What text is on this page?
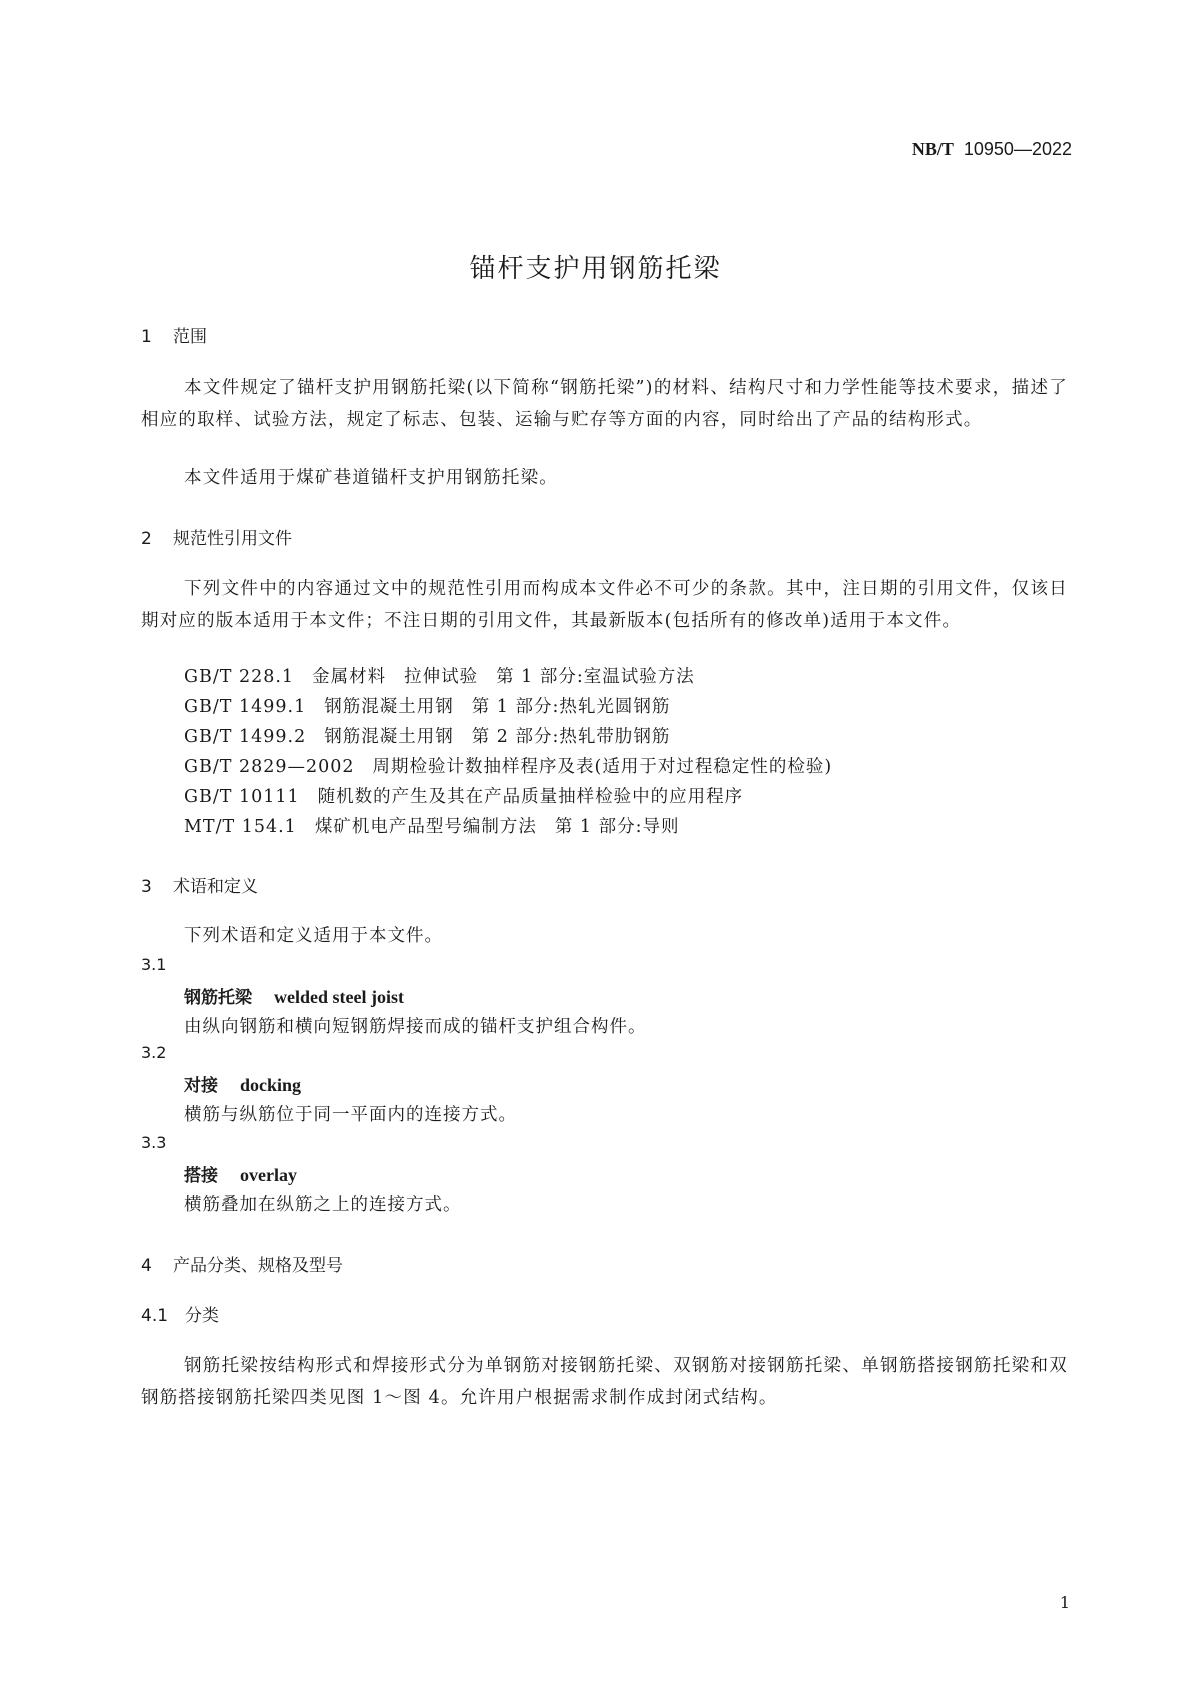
NB/T 10950—2022
锚杆支护用钢筋托梁
1 范围
本文件规定了锚杆支护用钢筋托梁(以下简称“钢筋托梁”)的材料、结构尺寸和力学性能等技术要求，描述了相应的取样、试验方法，规定了标志、包装、运输与贮存等方面的内容，同时给出了产品的结构形式。
本文件适用于煤矿巷道锚杆支护用钢筋托梁。
2 规范性引用文件
下列文件中的内容通过文中的规范性引用而构成本文件必不可少的条款。其中，注日期的引用文件，仅该日期对应的版本适用于本文件；不注日期的引用文件，其最新版本(包括所有的修改单)适用于本文件。
GB/T 228.1 金属材料 拉伸试验 第 1 部分:室温试验方法
GB/T 1499.1 钢筋混凝土用钢 第 1 部分:热轧光圆钢筋
GB/T 1499.2 钢筋混凝土用钢 第 2 部分:热轧带肋钢筋
GB/T 2829—2002 周期检验计数抽样程序及表(适用于对过程稳定性的检验)
GB/T 10111 随机数的产生及其在产品质量抽样检验中的应用程序
MT/T 154.1 煤矿机电产品型号编制方法 第 1 部分:导则
3 术语和定义
下列术语和定义适用于本文件。
3.1
钢筋托梁 welded steel joist
由纵向钢筋和横向短钢筋焊接而成的锚杆支护组合构件。
3.2
对接 docking
横筋与纵筋位于同一平面内的连接方式。
3.3
搭接 overlay
横筋叠加在纵筋之上的连接方式。
4 产品分类、规格及型号
4.1 分类
钢筋托梁按结构形式和焊接形式分为单钢筋对接钢筋托梁、双钢筋对接钢筋托梁、单钢筋搭接钢筋托梁和双钢筋搭接钢筋托梁四类见图 1～图 4。允许用户根据需求制作成封闭式结构。
1
